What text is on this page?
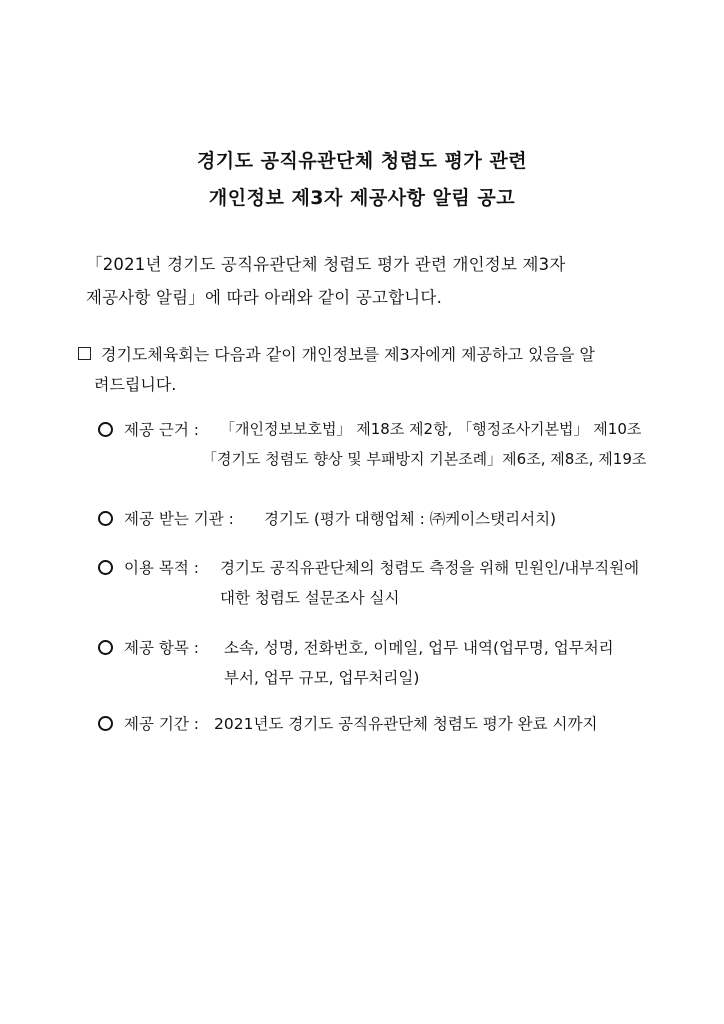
경기도 공직유관단체 청렴도 평가 관련
개인정보 제3자 제공사항 알림 공고
「2021년 경기도 공직유관단체 청렴도 평가 관련 개인정보 제3자
제공사항 알림」에 따라 아래와 같이 공고합니다.
경기도체육회는 다음과 같이 개인정보를 제3자에게 제공하고 있음을 알
려드립니다.
제공 근거 : 「개인정보보호법」 제18조 제2항, 「행정조사기본법」 제10조
「경기도 청렴도 향상 및 부패방지 기본조례」제6조, 제8조, 제19조
제공 받는 기관 : 경기도 (평가 대행업체 : ㈜케이스탯리서치)
이용 목적 : 경기도 공직유관단체의 청렴도 측정을 위해 민원인/내부직원에
대한 청렴도 설문조사 실시
제공 항목 : 소속, 성명, 전화번호, 이메일, 업무 내역(업무명, 업무처리
부서, 업무 규모, 업무처리일)
제공 기간 : 2021년도 경기도 공직유관단체 청렴도 평가 완료 시까지
